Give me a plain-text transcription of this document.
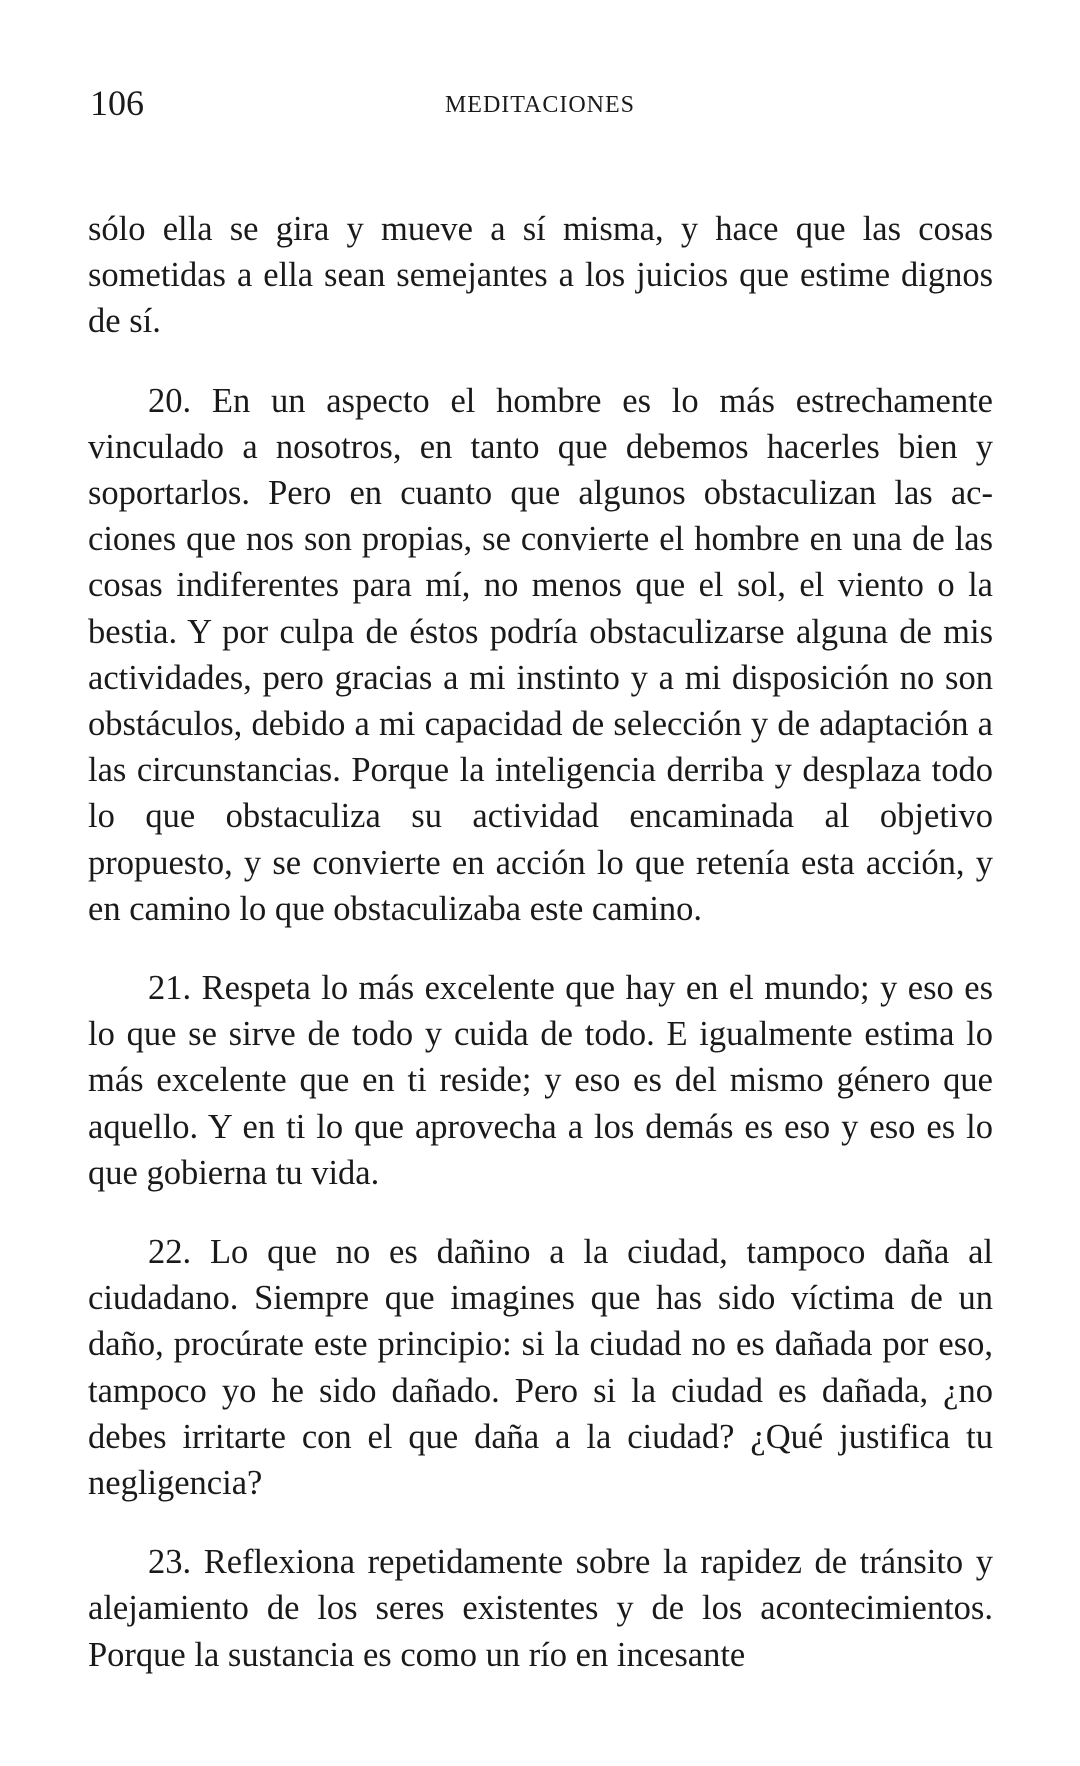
106	MEDITACIONES

sólo ella se gira y mueve a sí misma, y hace que las cosas sometidas a ella sean semejantes a los juicios que estime dignos de sí.

20. En un aspecto el hombre es lo más estrechamente vinculado a nosotros, en tanto que debemos hacerles bien y soportarlos. Pero en cuanto que algunos obstaculizan las acciones que nos son propias, se convierte el hombre en una de las cosas indiferentes para mí, no menos que el sol, el viento o la bestia. Y por culpa de éstos podría obstaculizarse alguna de mis actividades, pero gracias a mi instinto y a mi disposición no son obstáculos, debido a mi capacidad de selección y de adaptación a las circunstancias. Porque la inteligencia derriba y desplaza todo lo que obstaculiza su actividad encaminada al objetivo propuesto, y se convierte en acción lo que retenía esta acción, y en camino lo que obstaculizaba este camino.

21. Respeta lo más excelente que hay en el mundo; y eso es lo que se sirve de todo y cuida de todo. E igualmente estima lo más excelente que en ti reside; y eso es del mismo género que aquello. Y en ti lo que aprovecha a los demás es eso y eso es lo que gobierna tu vida.

22. Lo que no es dañino a la ciudad, tampoco daña al ciudadano. Siempre que imagines que has sido víctima de un daño, procúrate este principio: si la ciudad no es dañada por eso, tampoco yo he sido dañado. Pero si la ciudad es dañada, ¿no debes irritarte con el que daña a la ciudad? ¿Qué justifica tu negligencia?

23. Reflexiona repetidamente sobre la rapidez de tránsito y alejamiento de los seres existentes y de los acontecimientos. Porque la sustancia es como un río en incesante
